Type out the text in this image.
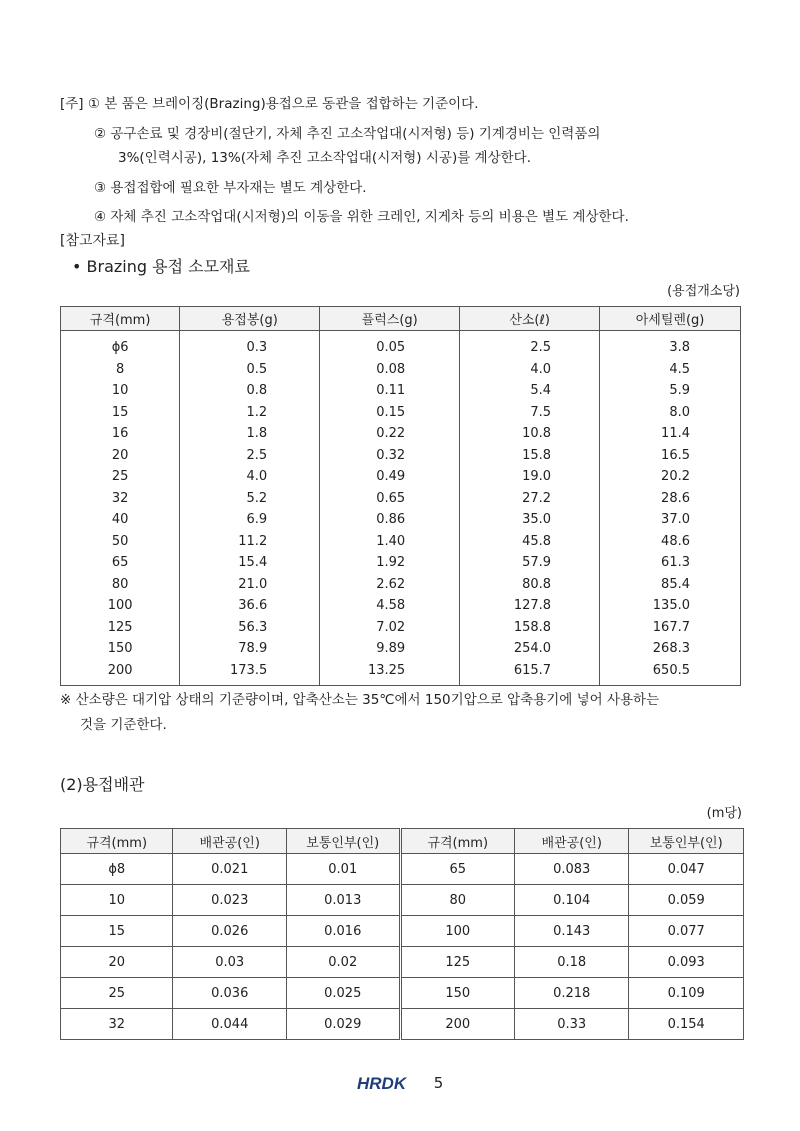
[주] ① 본 품은 브레이징(Brazing)용접으로 동관을 접합하는 기준이다.
② 공구손료 및 경장비(절단기, 자체 추진 고소작업대(시저형) 등) 기계경비는 인력품의
3%(인력시공), 13%(자체 추진 고소작업대(시저형) 시공)를 계상한다.
③ 용접접합에 필요한 부자재는 별도 계상한다.
④ 자체 추진 고소작업대(시저형)의 이동을 위한 크레인, 지게차 등의 비용은 별도 계상한다.
[참고자료]
• Brazing 용접 소모재료
(용접개소당)
규격(mm)	용접봉(g)	플럭스(g)	산소(ℓ)	아세틸렌(g)
ϕ6	0.3	0.05	2.5	3.8
8	0.5	0.08	4.0	4.5
10	0.8	0.11	5.4	5.9
15	1.2	0.15	7.5	8.0
16	1.8	0.22	10.8	11.4
20	2.5	0.32	15.8	16.5
25	4.0	0.49	19.0	20.2
32	5.2	0.65	27.2	28.6
40	6.9	0.86	35.0	37.0
50	11.2	1.40	45.8	48.6
65	15.4	1.92	57.9	61.3
80	21.0	2.62	80.8	85.4
100	36.6	4.58	127.8	135.0
125	56.3	7.02	158.8	167.7
150	78.9	9.89	254.0	268.3
200	173.5	13.25	615.7	650.5
※ 산소량은 대기압 상태의 기준량이며, 압축산소는 35℃에서 150기압으로 압축용기에 넣어 사용하는
것을 기준한다.
(2)용접배관
(m당)
규격(mm)	배관공(인)	보통인부(인)	규격(mm)	배관공(인)	보통인부(인)
ϕ8	0.021	0.01	65	0.083	0.047
10	0.023	0.013	80	0.104	0.059
15	0.026	0.016	100	0.143	0.077
20	0.03	0.02	125	0.18	0.093
25	0.036	0.025	150	0.218	0.109
32	0.044	0.029	200	0.33	0.154
HRDK 5
